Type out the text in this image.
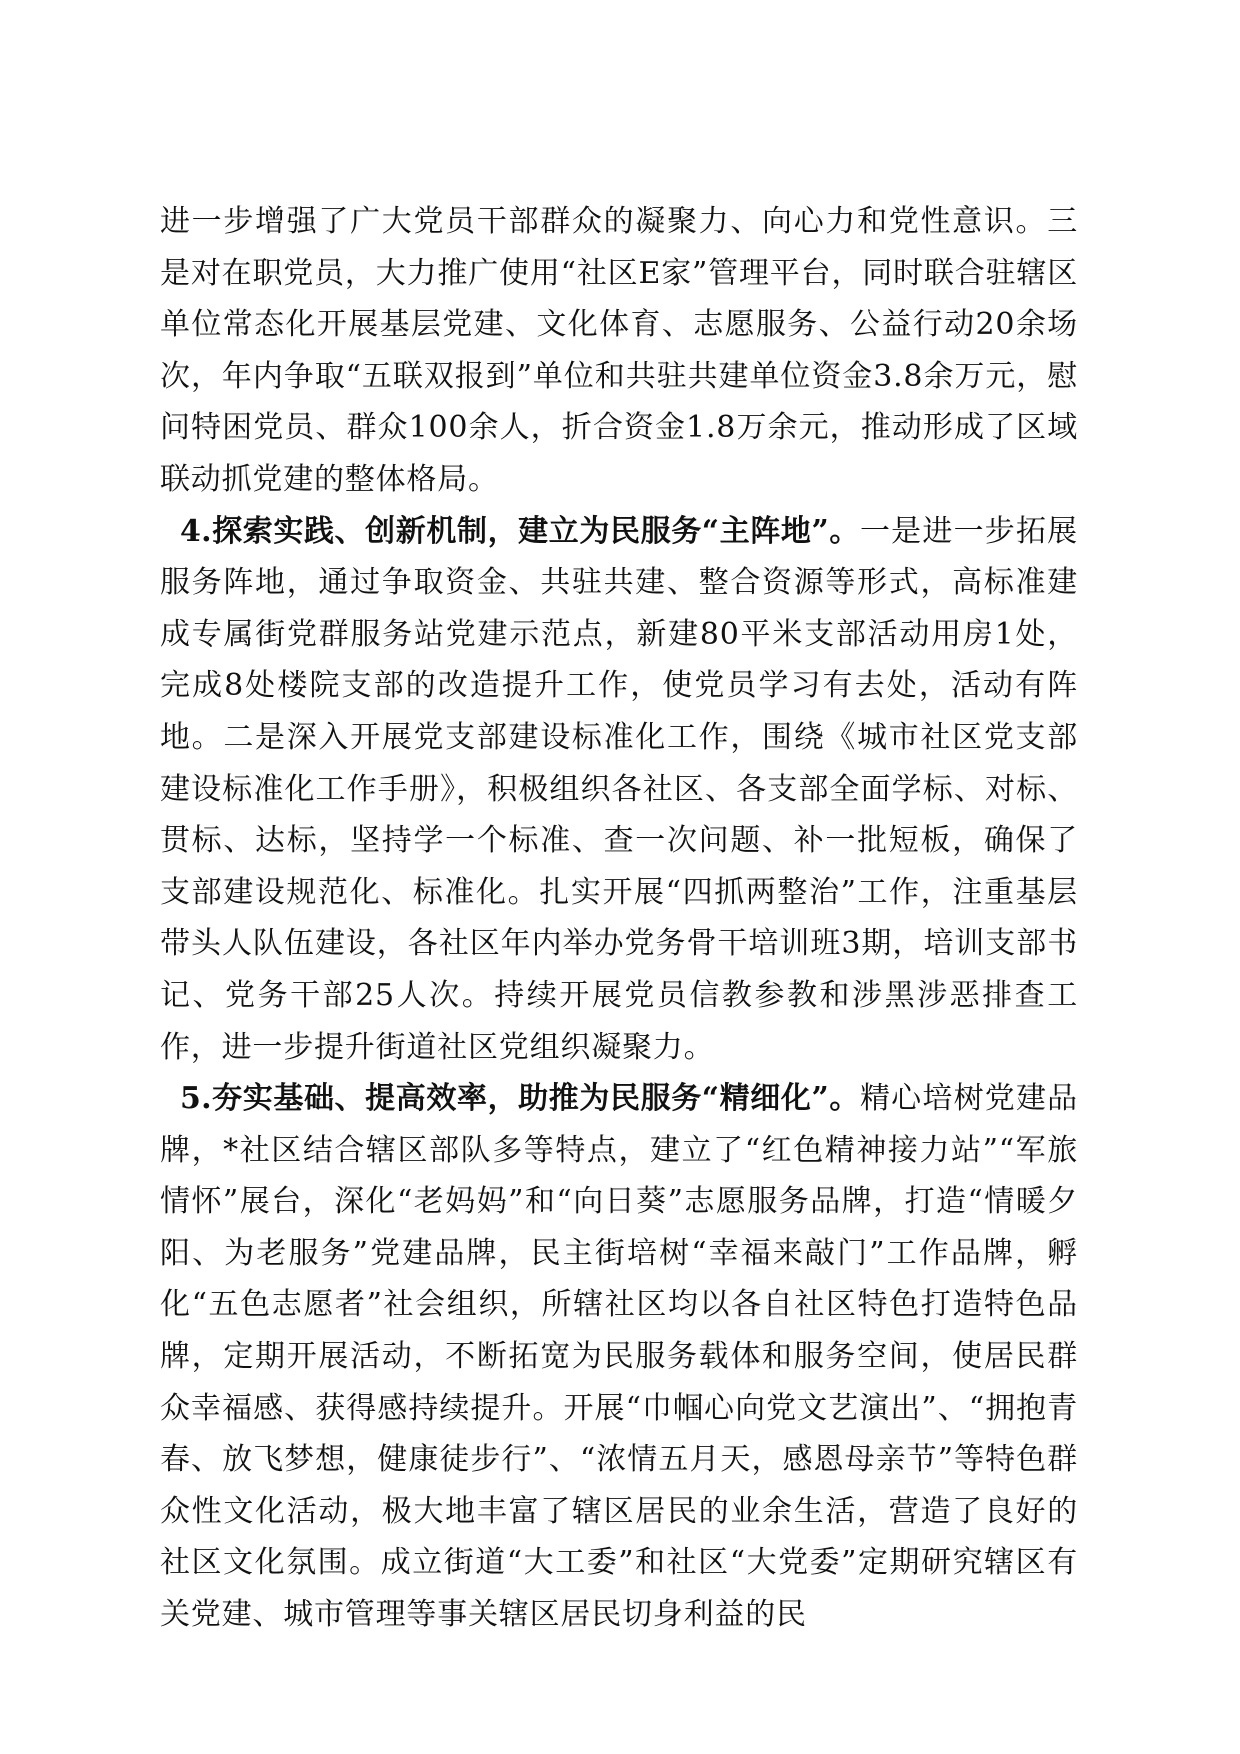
进一步增强了广大党员干部群众的凝聚力、向心力和党性意识。三是对在职党员，大力推广使用“社区E家”管理平台，同时联合驻辖区单位常态化开展基层党建、文化体育、志愿服务、公益行动20余场次，年内争取“五联双报到”单位和共驻共建单位资金3.8余万元，慰问特困党员、群众100余人，折合资金1.8万余元，推动形成了区域联动抓党建的整体格局。

4.探索实践、创新机制，建立为民服务“主阵地”。一是进一步拓展服务阵地，通过争取资金、共驻共建、整合资源等形式，高标准建成专属街党群服务站党建示范点，新建80平米支部活动用房1处，完成8处楼院支部的改造提升工作，使党员学习有去处，活动有阵地。二是深入开展党支部建设标准化工作，围绕《城市社区党支部建设标准化工作手册》，积极组织各社区、各支部全面学标、对标、贯标、达标，坚持学一个标准、查一次问题、补一批短板，确保了支部建设规范化、标准化。扎实开展“四抓两整治”工作，注重基层带头人队伍建设，各社区年内举办党务骨干培训班3期，培训支部书记、党务干部25人次。持续开展党员信教参教和涉黑涉恶排查工作，进一步提升街道社区党组织凝聚力。

5.夯实基础、提高效率，助推为民服务“精细化”。精心培树党建品牌，*社区结合辖区部队多等特点，建立了“红色精神接力站”“军旅情怀”展台，深化“老妈妈”和“向日葵”志愿服务品牌，打造“情暖夕阳、为老服务”党建品牌，民主街培树“幸福来敲门”工作品牌，孵化“五色志愿者”社会组织，所辖社区均以各自社区特色打造特色品牌，定期开展活动，不断拓宽为民服务载体和服务空间，使居民群众幸福感、获得感持续提升。开展“巾帼心向党文艺演出”、“拥抱青春、放飞梦想，健康徒步行”、“浓情五月天，感恩母亲节”等特色群众性文化活动，极大地丰富了辖区居民的业余生活，营造了良好的社区文化氛围。成立街道“大工委”和社区“大党委”定期研究辖区有关党建、城市管理等事关辖区居民切身利益的民
